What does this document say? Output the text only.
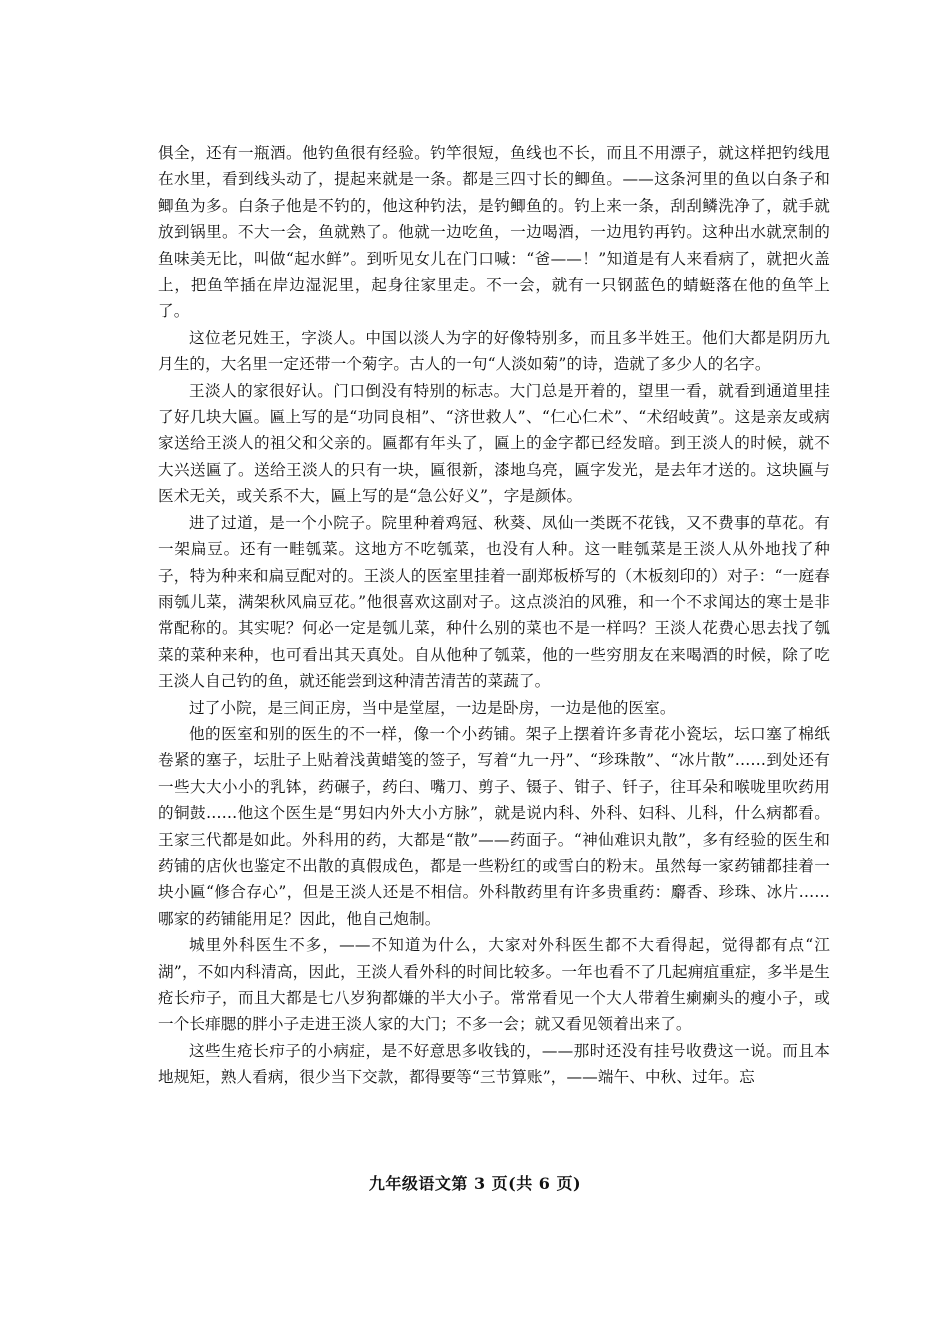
俱全，还有一瓶酒。他钓鱼很有经验。钓竿很短，鱼线也不长，而且不用漂子，就这样把钓线甩在水里，看到线头动了，提起来就是一条。都是三四寸长的鲫鱼。——这条河里的鱼以白条子和鲫鱼为多。白条子他是不钓的，他这种钓法，是钓鲫鱼的。钓上来一条，刮刮鳞洗净了，就手就放到锅里。不大一会，鱼就熟了。他就一边吃鱼，一边喝酒，一边甩钓再钓。这种出水就烹制的鱼味美无比，叫做“起水鲜”。到听见女儿在门口喊：“爸——！”知道是有人来看病了，就把火盖上，把鱼竿插在岸边湿泥里，起身往家里走。不一会，就有一只钢蓝色的蜻蜓落在他的鱼竿上了。

这位老兄姓王，字淡人。中国以淡人为字的好像特别多，而且多半姓王。他们大都是阴历九月生的，大名里一定还带一个菊字。古人的一句“人淡如菊”的诗，造就了多少人的名字。

王淡人的家很好认。门口倒没有特别的标志。大门总是开着的，望里一看，就看到通道里挂了好几块大匾。匾上写的是“功同良相”、“济世救人”、“仁心仁术”、“术绍岐黄”。这是亲友或病家送给王淡人的祖父和父亲的。匾都有年头了，匾上的金字都已经发暗。到王淡人的时候，就不大兴送匾了。送给王淡人的只有一块，匾很新，漆地乌亮，匾字发光，是去年才送的。这块匾与医术无关，或关系不大，匾上写的是“急公好义”，字是颜体。

进了过道，是一个小院子。院里种着鸡冠、秋葵、凤仙一类既不花钱，又不费事的草花。有一架扁豆。还有一畦瓠菜。这地方不吃瓠菜，也没有人种。这一畦瓠菜是王淡人从外地找了种子，特为种来和扁豆配对的。王淡人的医室里挂着一副郑板桥写的（木板刻印的）对子：“一庭春雨瓠儿菜，满架秋风扁豆花。”他很喜欢这副对子。这点淡泊的风雅，和一个不求闻达的寒士是非常配称的。其实呢？何必一定是瓠儿菜，种什么别的菜也不是一样吗？王淡人花费心思去找了瓠菜的菜种来种，也可看出其天真处。自从他种了瓠菜，他的一些穷朋友在来喝酒的时候，除了吃王淡人自己钓的鱼，就还能尝到这种清苦清苦的菜蔬了。

过了小院，是三间正房，当中是堂屋，一边是卧房，一边是他的医室。

他的医室和别的医生的不一样，像一个小药铺。架子上摆着许多青花小瓷坛，坛口塞了棉纸卷紧的塞子，坛肚子上贴着浅黄蜡笺的签子，写着“九一丹”、“珍珠散”、“冰片散”……到处还有一些大大小小的乳钵，药碾子，药臼、嘴刀、剪子、镊子、钳子、钎子，往耳朵和喉咙里吹药用的铜鼓……他这个医生是“男妇内外大小方脉”，就是说内科、外科、妇科、儿科，什么病都看。王家三代都是如此。外科用的药，大都是“散”——药面子。“神仙难识丸散”，多有经验的医生和药铺的店伙也鉴定不出散的真假成色，都是一些粉红的或雪白的粉末。虽然每一家药铺都挂着一块小匾“修合存心”，但是王淡人还是不相信。外科散药里有许多贵重药：麝香、珍珠、冰片……哪家的药铺能用足？因此，他自己炮制。

城里外科医生不多，——不知道为什么，大家对外科医生都不大看得起，觉得都有点“江湖”，不如内科清高，因此，王淡人看外科的时间比较多。一年也看不了几起痈疽重症，多半是生疮长疖子，而且大都是七八岁狗都嫌的半大小子。常常看见一个大人带着生瘌瘌头的瘦小子，或一个长痱腮的胖小子走进王淡人家的大门；不多一会；就又看见领着出来了。

这些生疮长疖子的小病症，是不好意思多收钱的，——那时还没有挂号收费这一说。而且本地规矩，熟人看病，很少当下交款，都得要等“三节算账”，——端午、中秋、过年。忘

九年级语文第 3 页(共 6 页)
